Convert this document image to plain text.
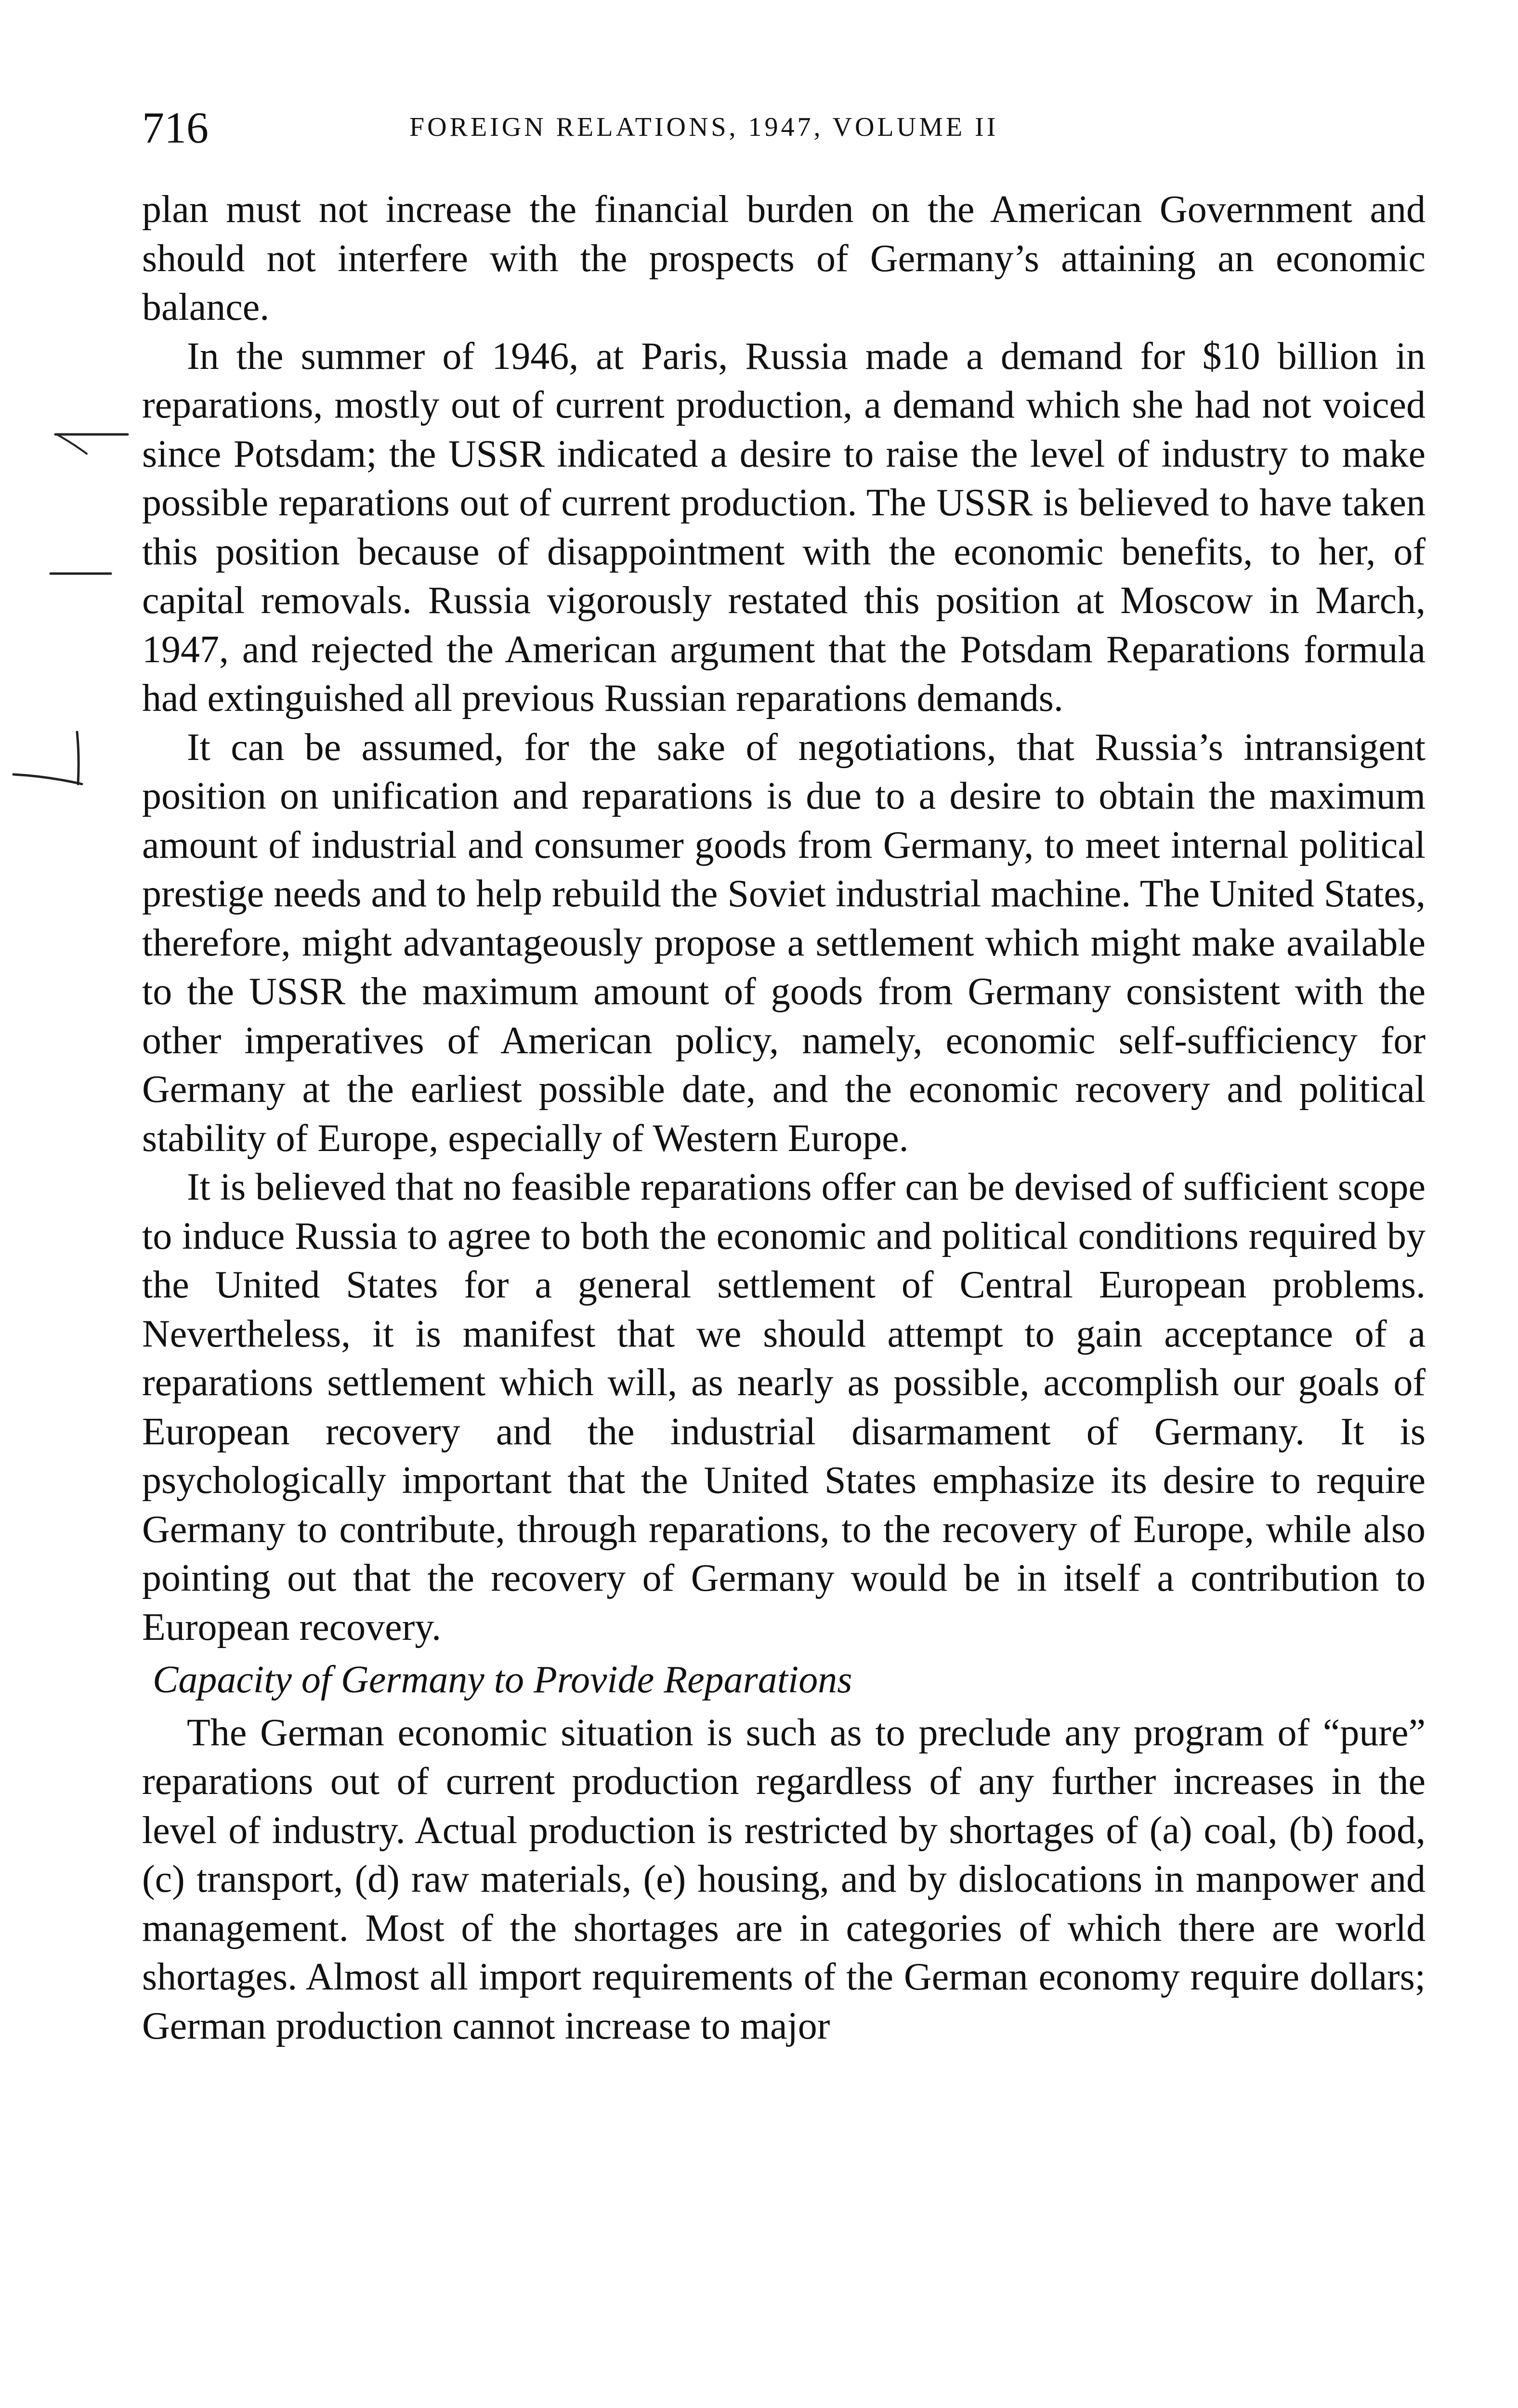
716	FOREIGN RELATIONS, 1947, VOLUME II

plan must not increase the financial burden on the American Government and should not interfere with the prospects of Germany’s attaining an economic balance.

In the summer of 1946, at Paris, Russia made a demand for $10 billion in reparations, mostly out of current production, a demand which she had not voiced since Potsdam; the USSR indicated a desire to raise the level of industry to make possible reparations out of current production. The USSR is believed to have taken this position because of disappointment with the economic benefits, to her, of capital removals. Russia vigorously restated this position at Moscow in March, 1947, and rejected the American argument that the Potsdam Reparations formula had extinguished all previous Russian reparations demands.

It can be assumed, for the sake of negotiations, that Russia’s intransigent position on unification and reparations is due to a desire to obtain the maximum amount of industrial and consumer goods from Germany, to meet internal political prestige needs and to help rebuild the Soviet industrial machine. The United States, therefore, might advantageously propose a settlement which might make available to the USSR the maximum amount of goods from Germany consistent with the other imperatives of American policy, namely, economic self-sufficiency for Germany at the earliest possible date, and the economic recovery and political stability of Europe, especially of Western Europe.

It is believed that no feasible reparations offer can be devised of sufficient scope to induce Russia to agree to both the economic and political conditions required by the United States for a general settlement of Central European problems. Nevertheless, it is manifest that we should attempt to gain acceptance of a reparations settlement which will, as nearly as possible, accomplish our goals of European recovery and the industrial disarmament of Germany. It is psychologically important that the United States emphasize its desire to require Germany to contribute, through reparations, to the recovery of Europe, while also pointing out that the recovery of Germany would be in itself a contribution to European recovery.

Capacity of Germany to Provide Reparations

The German economic situation is such as to preclude any program of “pure” reparations out of current production regardless of any further increases in the level of industry. Actual production is restricted by shortages of (a) coal, (b) food, (c) transport, (d) raw materials, (e) housing, and by dislocations in manpower and management. Most of the shortages are in categories of which there are world shortages. Almost all import requirements of the German economy require dollars; German production cannot increase to major
